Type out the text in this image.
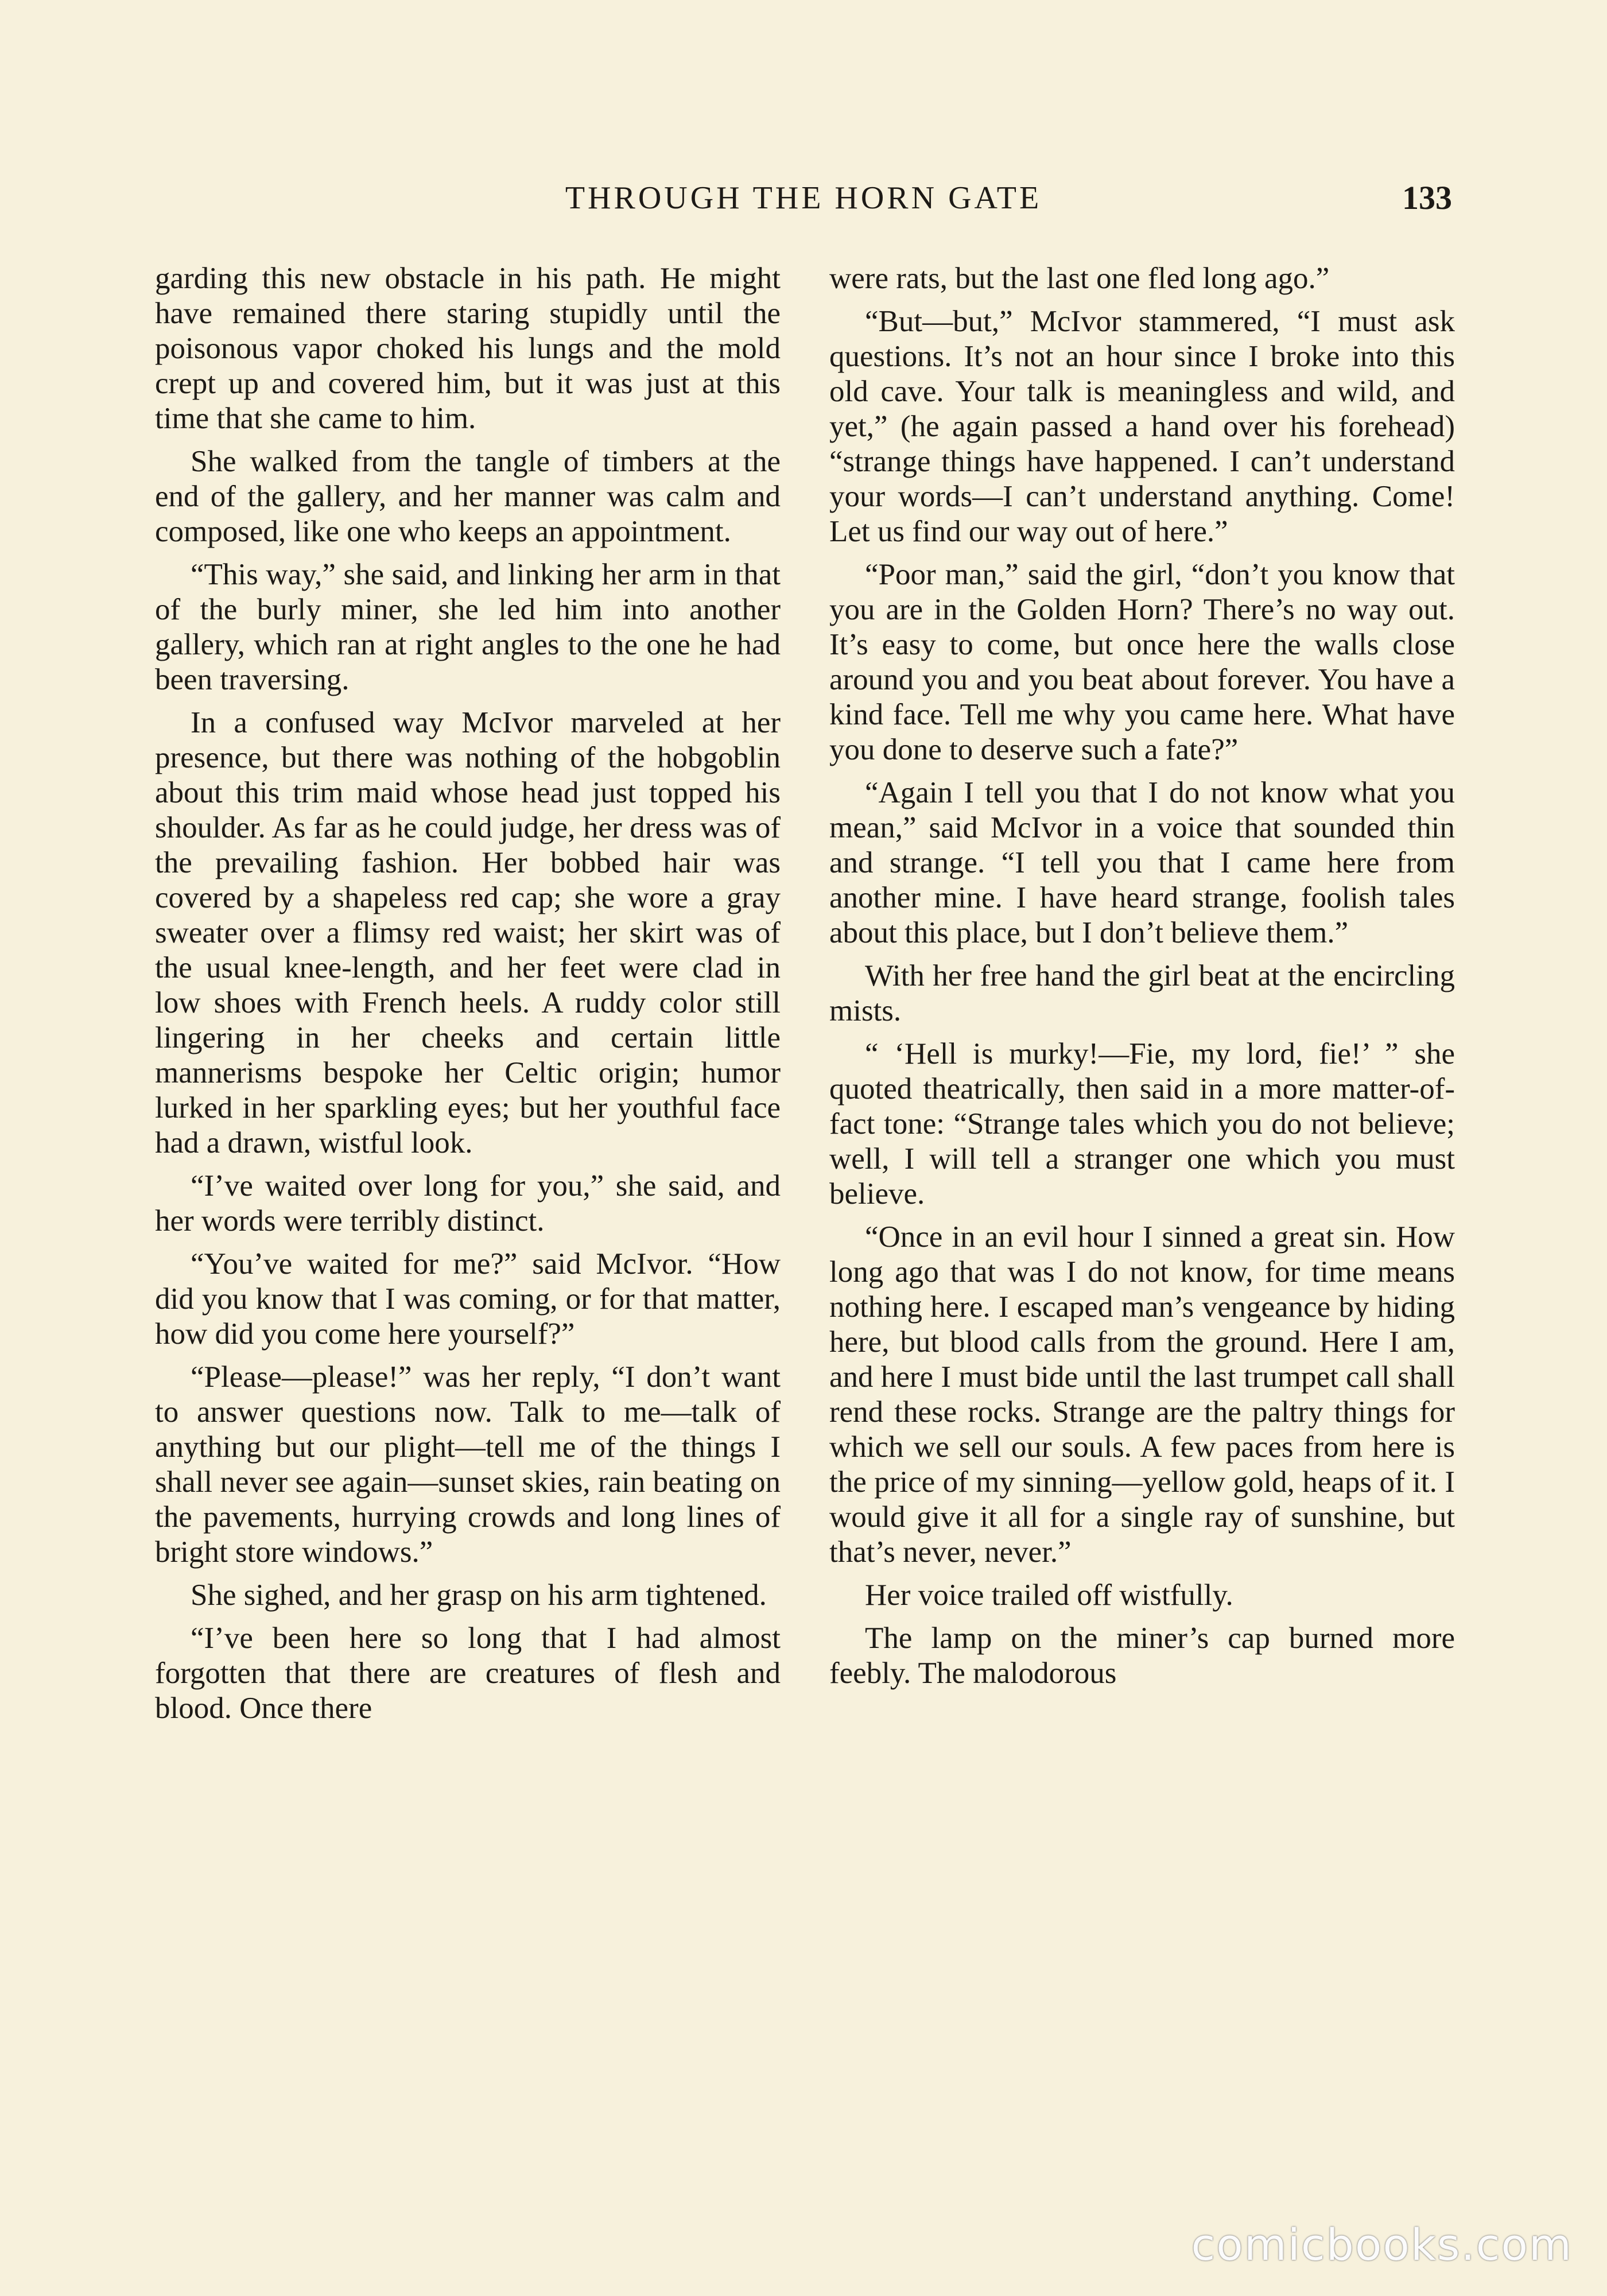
THROUGH THE HORN GATE	133

garding this new obstacle in his path. He might have remained there staring stupidly until the poisonous vapor choked his lungs and the mold crept up and covered him, but it was just at this time that she came to him.

She walked from the tangle of timbers at the end of the gallery, and her manner was calm and composed, like one who keeps an appointment.

“This way,” she said, and linking her arm in that of the burly miner, she led him into another gallery, which ran at right angles to the one he had been traversing.

In a confused way McIvor marveled at her presence, but there was nothing of the hobgoblin about this trim maid whose head just topped his shoulder. As far as he could judge, her dress was of the prevailing fashion. Her bobbed hair was covered by a shapeless red cap; she wore a gray sweater over a flimsy red waist; her skirt was of the usual knee-length, and her feet were clad in low shoes with French heels. A ruddy color still lingering in her cheeks and certain little mannerisms bespoke her Celtic origin; humor lurked in her sparkling eyes; but her youthful face had a drawn, wistful look.

“I’ve waited over long for you,” she said, and her words were terribly distinct.

“You’ve waited for me?” said McIvor. “How did you know that I was coming, or for that matter, how did you come here yourself?”

“Please—please!” was her reply, “I don’t want to answer questions now. Talk to me—talk of anything but our plight—tell me of the things I shall never see again—sunset skies, rain beating on the pavements, hurrying crowds and long lines of bright store windows.”

She sighed, and her grasp on his arm tightened.

“I’ve been here so long that I had almost forgotten that there are creatures of flesh and blood. Once there

were rats, but the last one fled long ago.”

“But—but,” McIvor stammered, “I must ask questions. It’s not an hour since I broke into this old cave. Your talk is meaningless and wild, and yet,” (he again passed a hand over his forehead) “strange things have happened. I can’t understand your words—I can’t understand anything. Come! Let us find our way out of here.”

“Poor man,” said the girl, “don’t you know that you are in the Golden Horn? There’s no way out. It’s easy to come, but once here the walls close around you and you beat about forever. You have a kind face. Tell me why you came here. What have you done to deserve such a fate?”

“Again I tell you that I do not know what you mean,” said McIvor in a voice that sounded thin and strange. “I tell you that I came here from another mine. I have heard strange, foolish tales about this place, but I don’t believe them.”

With her free hand the girl beat at the encircling mists.

“ ‘Hell is murky!—Fie, my lord, fie!’ ” she quoted theatrically, then said in a more matter-of-fact tone: “Strange tales which you do not believe; well, I will tell a stranger one which you must believe.

“Once in an evil hour I sinned a great sin. How long ago that was I do not know, for time means nothing here. I escaped man’s vengeance by hiding here, but blood calls from the ground. Here I am, and here I must bide until the last trumpet call shall rend these rocks. Strange are the paltry things for which we sell our souls. A few paces from here is the price of my sinning—yellow gold, heaps of it. I would give it all for a single ray of sunshine, but that’s never, never.”

Her voice trailed off wistfully.

The lamp on the miner’s cap burned more feebly. The malodorous

comicbooks.com
